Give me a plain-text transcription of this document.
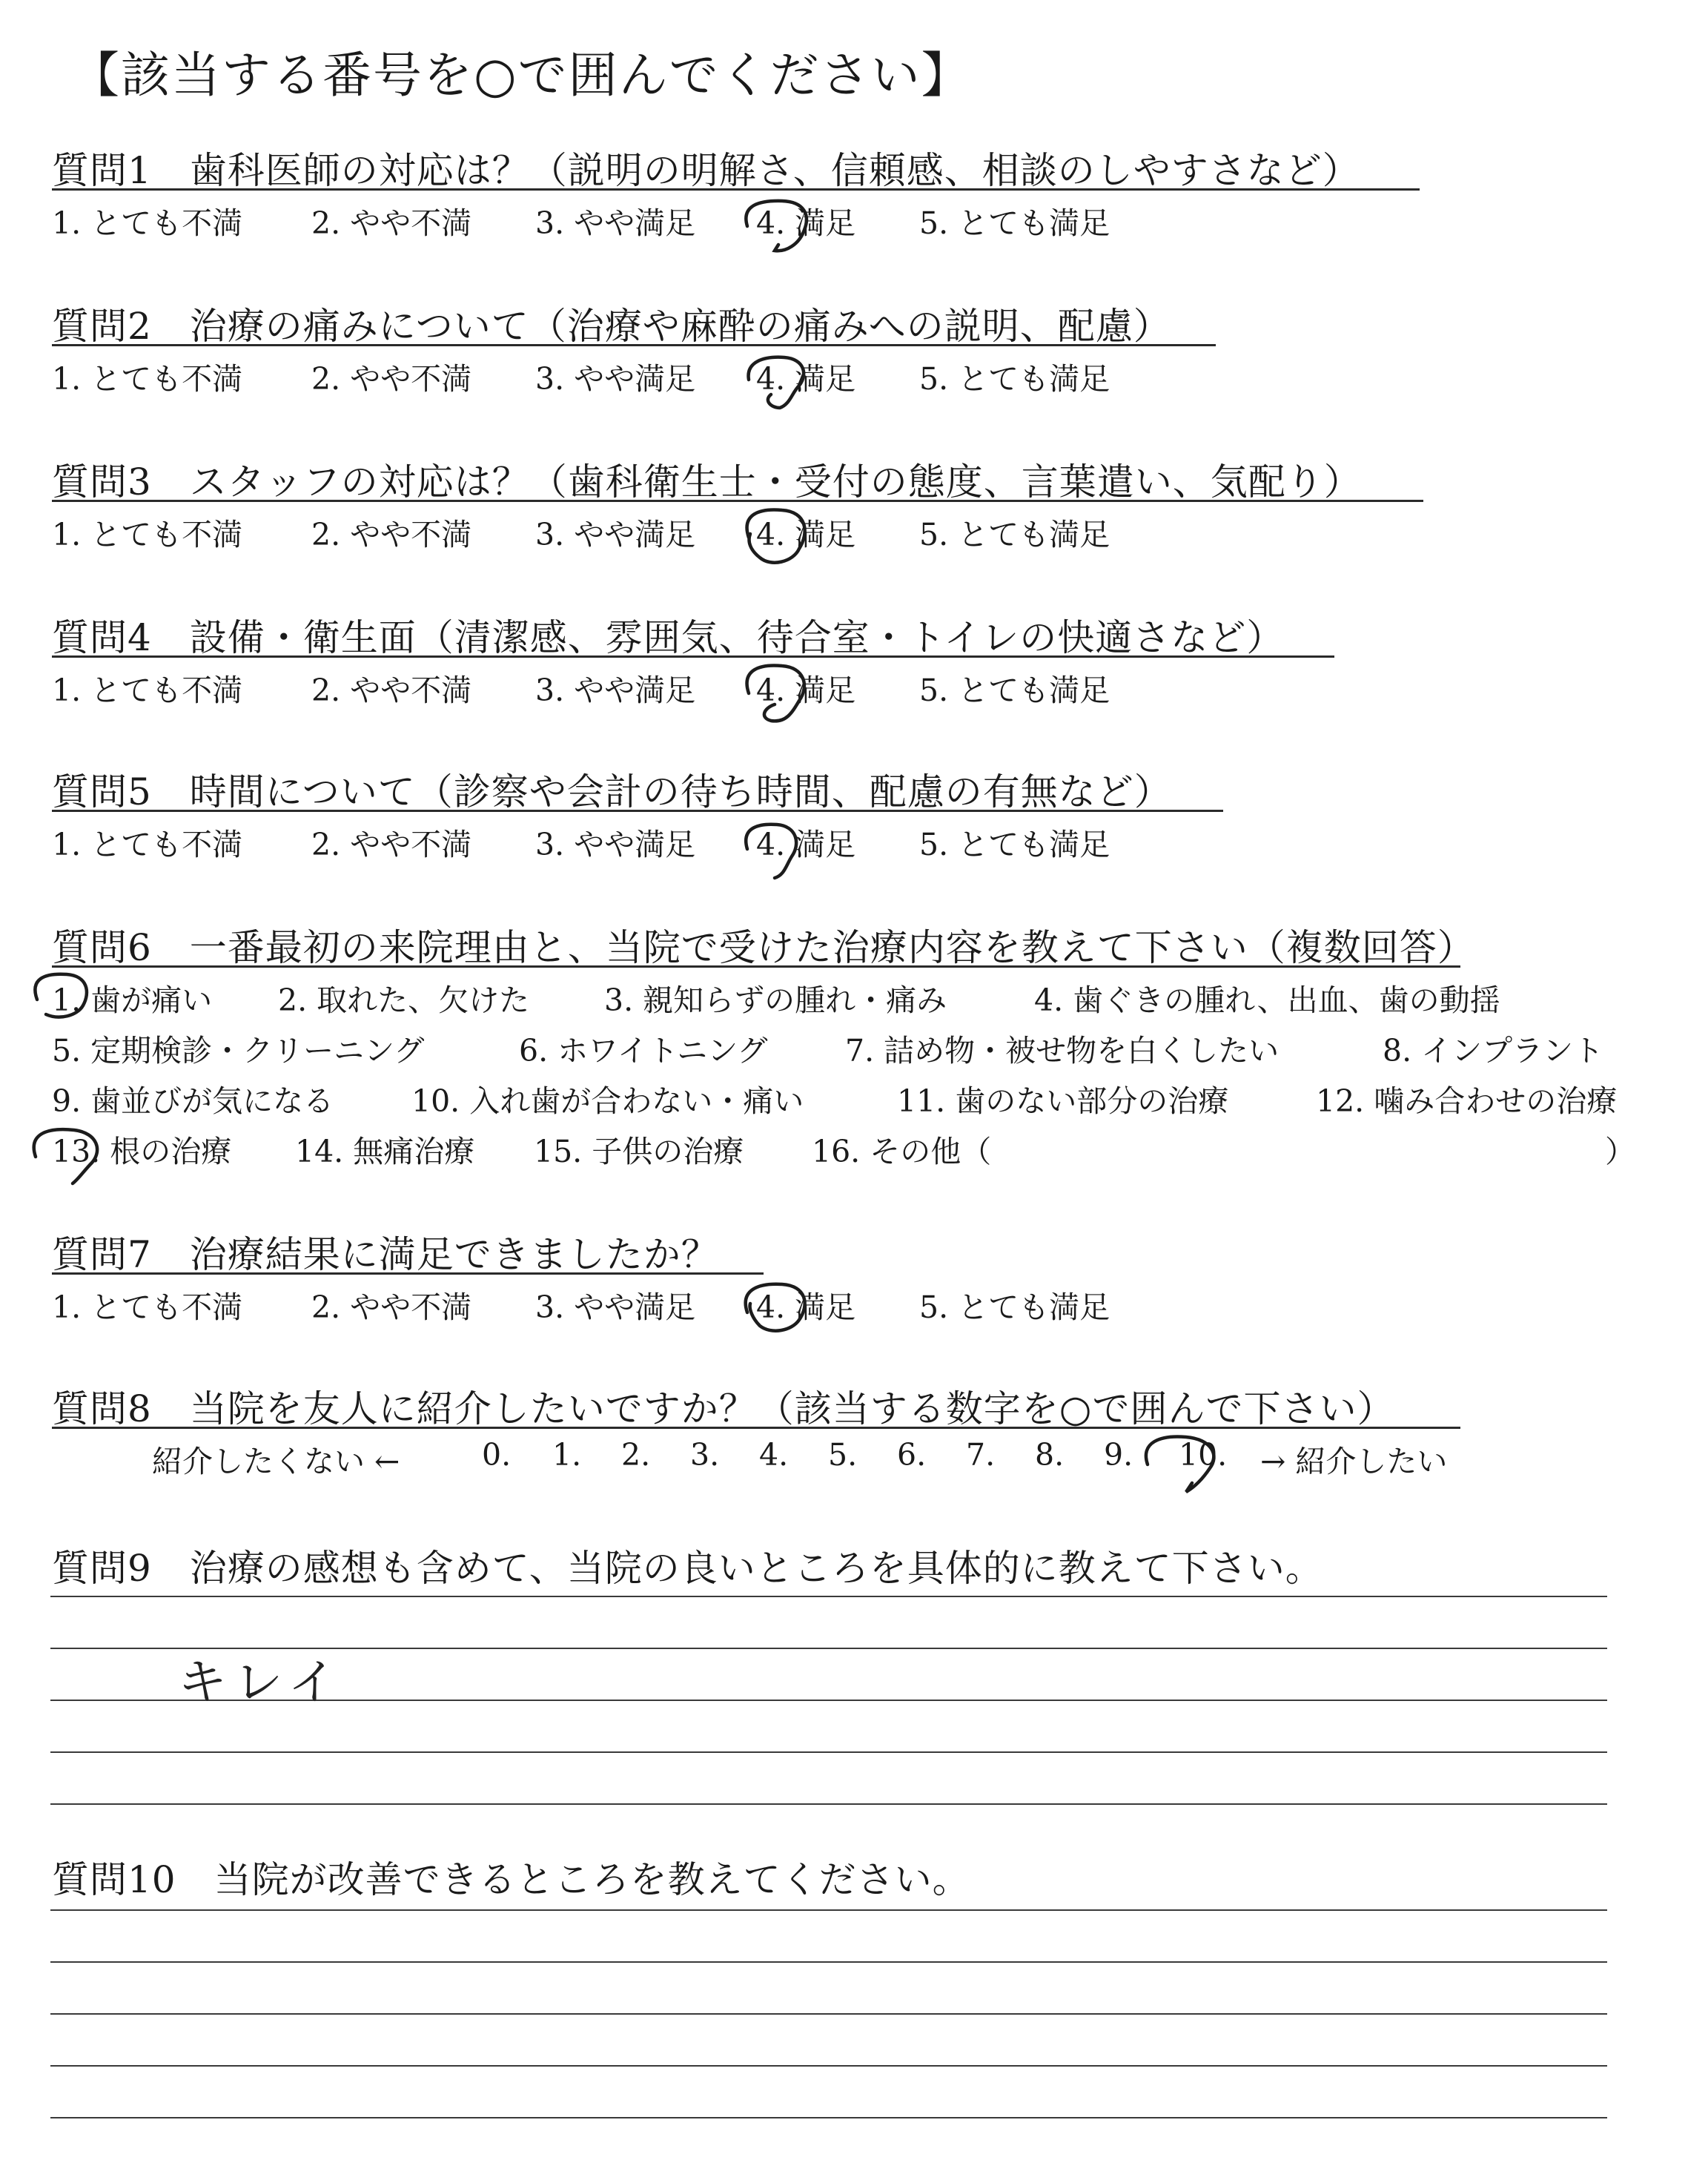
【該当する番号を○で囲んでください】
質問1　歯科医師の対応は？（説明の明解さ、信頼感、相談のしやすさなど）
1. とても不満 2. やや不満 3. やや満足 4. 満足 5. とても満足
質問2　治療の痛みについて（治療や麻酔の痛みへの説明、配慮）
1. とても不満 2. やや不満 3. やや満足 4. 満足 5. とても満足
質問3　スタッフの対応は？（歯科衛生士・受付の態度、言葉遣い、気配り）
1. とても不満 2. やや不満 3. やや満足 4. 満足 5. とても満足
質問4　設備・衛生面（清潔感、雰囲気、待合室・トイレの快適さなど）
1. とても不満 2. やや不満 3. やや満足 4. 満足 5. とても満足
質問5　時間について（診察や会計の待ち時間、配慮の有無など）
1. とても不満 2. やや不満 3. やや満足 4. 満足 5. とても満足
質問6　一番最初の来院理由と、当院で受けた治療内容を教えて下さい（複数回答）
1. 歯が痛い 2. 取れた、欠けた 3. 親知らずの腫れ・痛み	4. 歯ぐきの腫れ、出血、歯の動揺
5. 定期検診・クリーニング	6. ホワイトニング	7. 詰め物・被せ物を白くしたい	8. インプラント
9. 歯並びが気になる	10. 入れ歯が合わない・痛い	11. 歯のない部分の治療	12. 噛み合わせの治療
13. 根の治療 14. 無痛治療 15. 子供の治療 16. その他（	）
質問7　治療結果に満足できましたか？
1. とても不満 2. やや不満 3. やや満足 4. 満足 5. とても満足
質問8　当院を友人に紹介したいですか？（該当する数字を○で囲んで下さい）
紹介したくない ←	0. 1. 2. 3. 4. 5. 6. 7. 8. 9. 10. → 紹介したい
質問9　治療の感想も含めて、当院の良いところを具体的に教えて下さい。
キレイ
質問10　当院が改善できるところを教えてください。
